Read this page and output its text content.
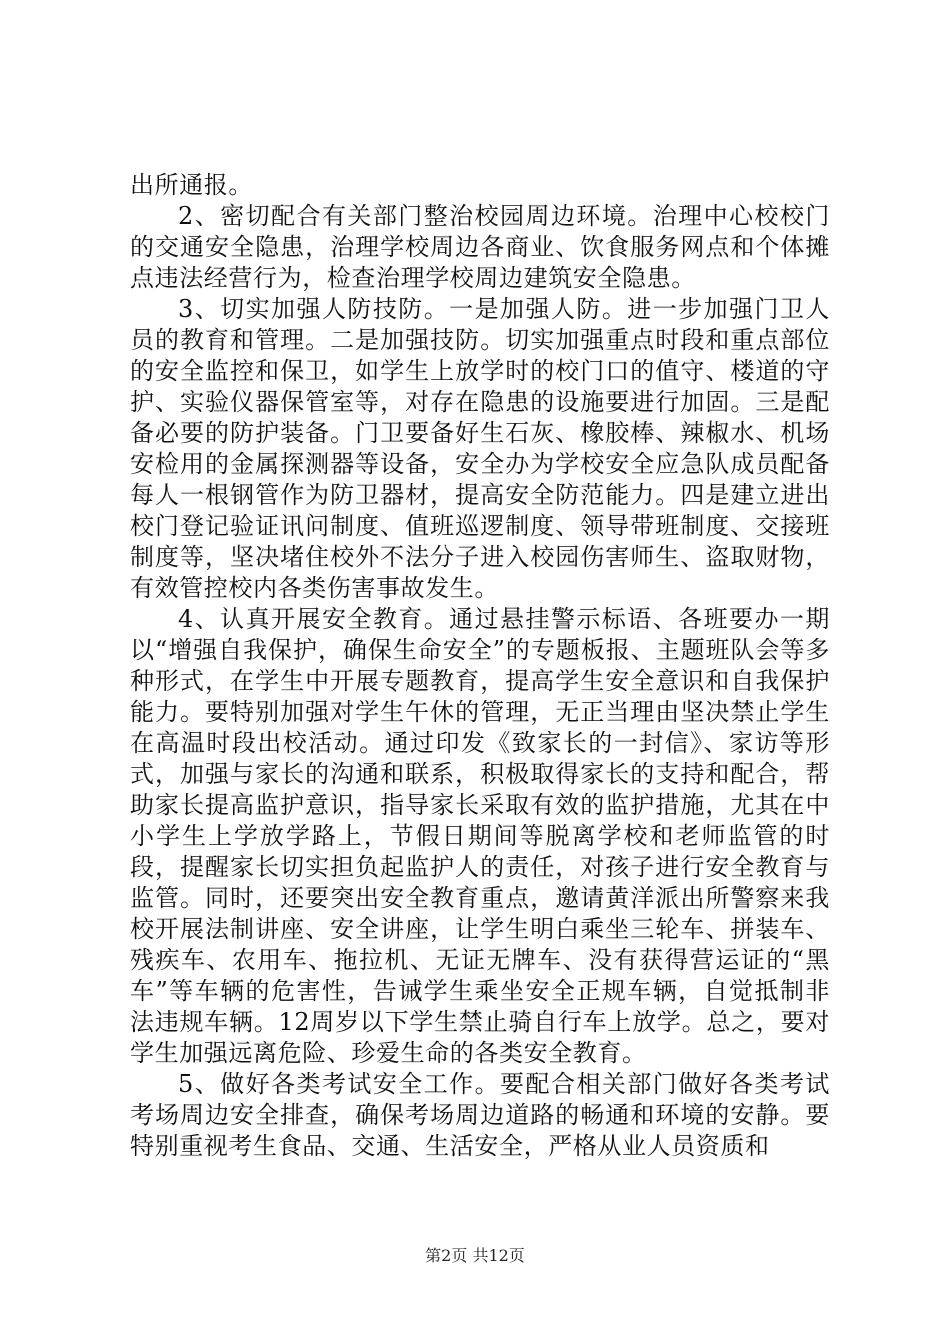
出所通报。

2、密切配合有关部门整治校园周边环境。治理中心校校门的交通安全隐患，治理学校周边各商业、饮食服务网点和个体摊点违法经营行为，检查治理学校周边建筑安全隐患。

3、切实加强人防技防。一是加强人防。进一步加强门卫人员的教育和管理。二是加强技防。切实加强重点时段和重点部位的安全监控和保卫，如学生上放学时的校门口的值守、楼道的守护、实验仪器保管室等，对存在隐患的设施要进行加固。三是配备必要的防护装备。门卫要备好生石灰、橡胶棒、辣椒水、机场安检用的金属探测器等设备，安全办为学校安全应急队成员配备每人一根钢管作为防卫器材，提高安全防范能力。四是建立进出校门登记验证讯问制度、值班巡逻制度、领导带班制度、交接班制度等，坚决堵住校外不法分子进入校园伤害师生、盗取财物，有效管控校内各类伤害事故发生。

4、认真开展安全教育。通过悬挂警示标语、各班要办一期以“增强自我保护，确保生命安全”的专题板报、主题班队会等多种形式，在学生中开展专题教育，提高学生安全意识和自我保护能力。要特别加强对学生午休的管理，无正当理由坚决禁止学生在高温时段出校活动。通过印发《致家长的一封信》、家访等形式，加强与家长的沟通和联系，积极取得家长的支持和配合，帮助家长提高监护意识，指导家长采取有效的监护措施，尤其在中小学生上学放学路上，节假日期间等脱离学校和老师监管的时段，提醒家长切实担负起监护人的责任，对孩子进行安全教育与监管。同时，还要突出安全教育重点，邀请黄洋派出所警察来我校开展法制讲座、安全讲座，让学生明白乘坐三轮车、拼装车、残疾车、农用车、拖拉机、无证无牌车、没有获得营运证的“黑车”等车辆的危害性，告诫学生乘坐安全正规车辆，自觉抵制非法违规车辆。12周岁以下学生禁止骑自行车上放学。总之，要对学生加强远离危险、珍爱生命的各类安全教育。

5、做好各类考试安全工作。要配合相关部门做好各类考试考场周边安全排查，确保考场周边道路的畅通和环境的安静。要特别重视考生食品、交通、生活安全，严格从业人员资质和

第2页 共12页
